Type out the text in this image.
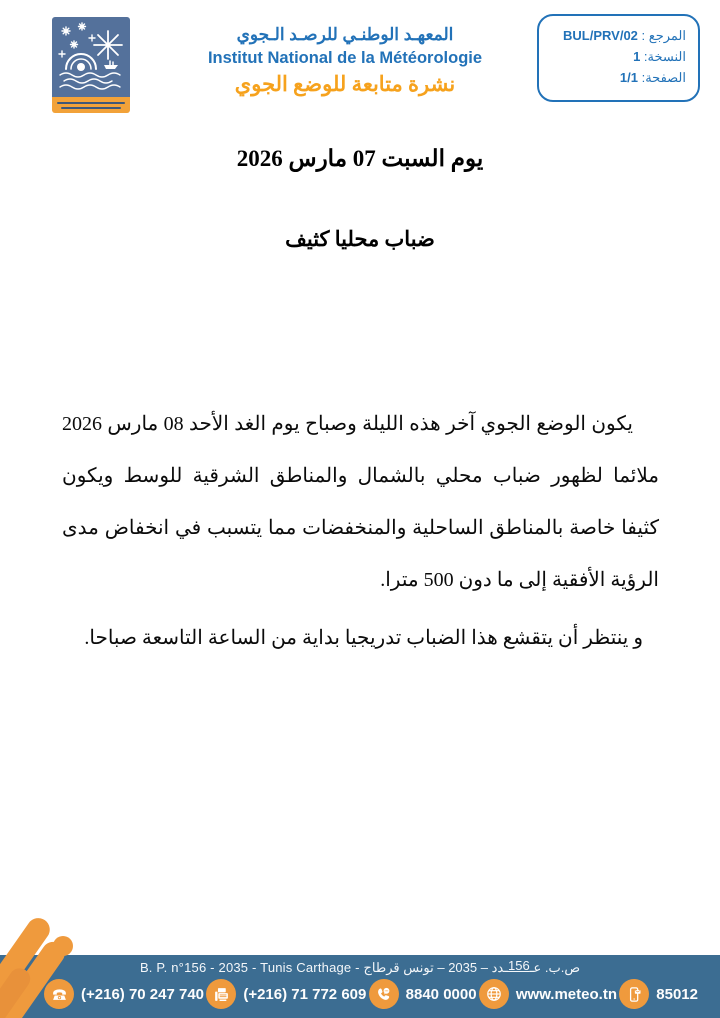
المعهـد الوطنـي للرصـد الـجوي
Institut National de la Météorologie
نشرة متابعة للوضع الجوي
المرجع : BUL/PRV/02
النسخة: 1
الصفحة: 1/1
يوم السبت 07 مارس 2026
ضباب محليا كثيف

يكون الوضع الجوي آخر هذه الليلة وصباح يوم الغد الأحد 08 مارس 2026 ملائما لظهور ضباب محلي بالشمال والمناطق الشرقية للوسط ويكون كثيفا خاصة بالمناطق الساحلية والمنخفضات مما يتسبب في انخفاض مدى الرؤية الأفقية إلى ما دون 500 مترا.

و ينتظر أن يتقشع هذا الضباب تدريجيا بداية من الساعة التاسعة صباحا.

B. P. n°156 - 2035 - Tunis Carthage -	ص.ب. عـ156ـدد – 2035 – تونس قرطاج
(+216) 70 247 740	(+216) 71 772 609	8840 0000	www.meteo.tn	85012
